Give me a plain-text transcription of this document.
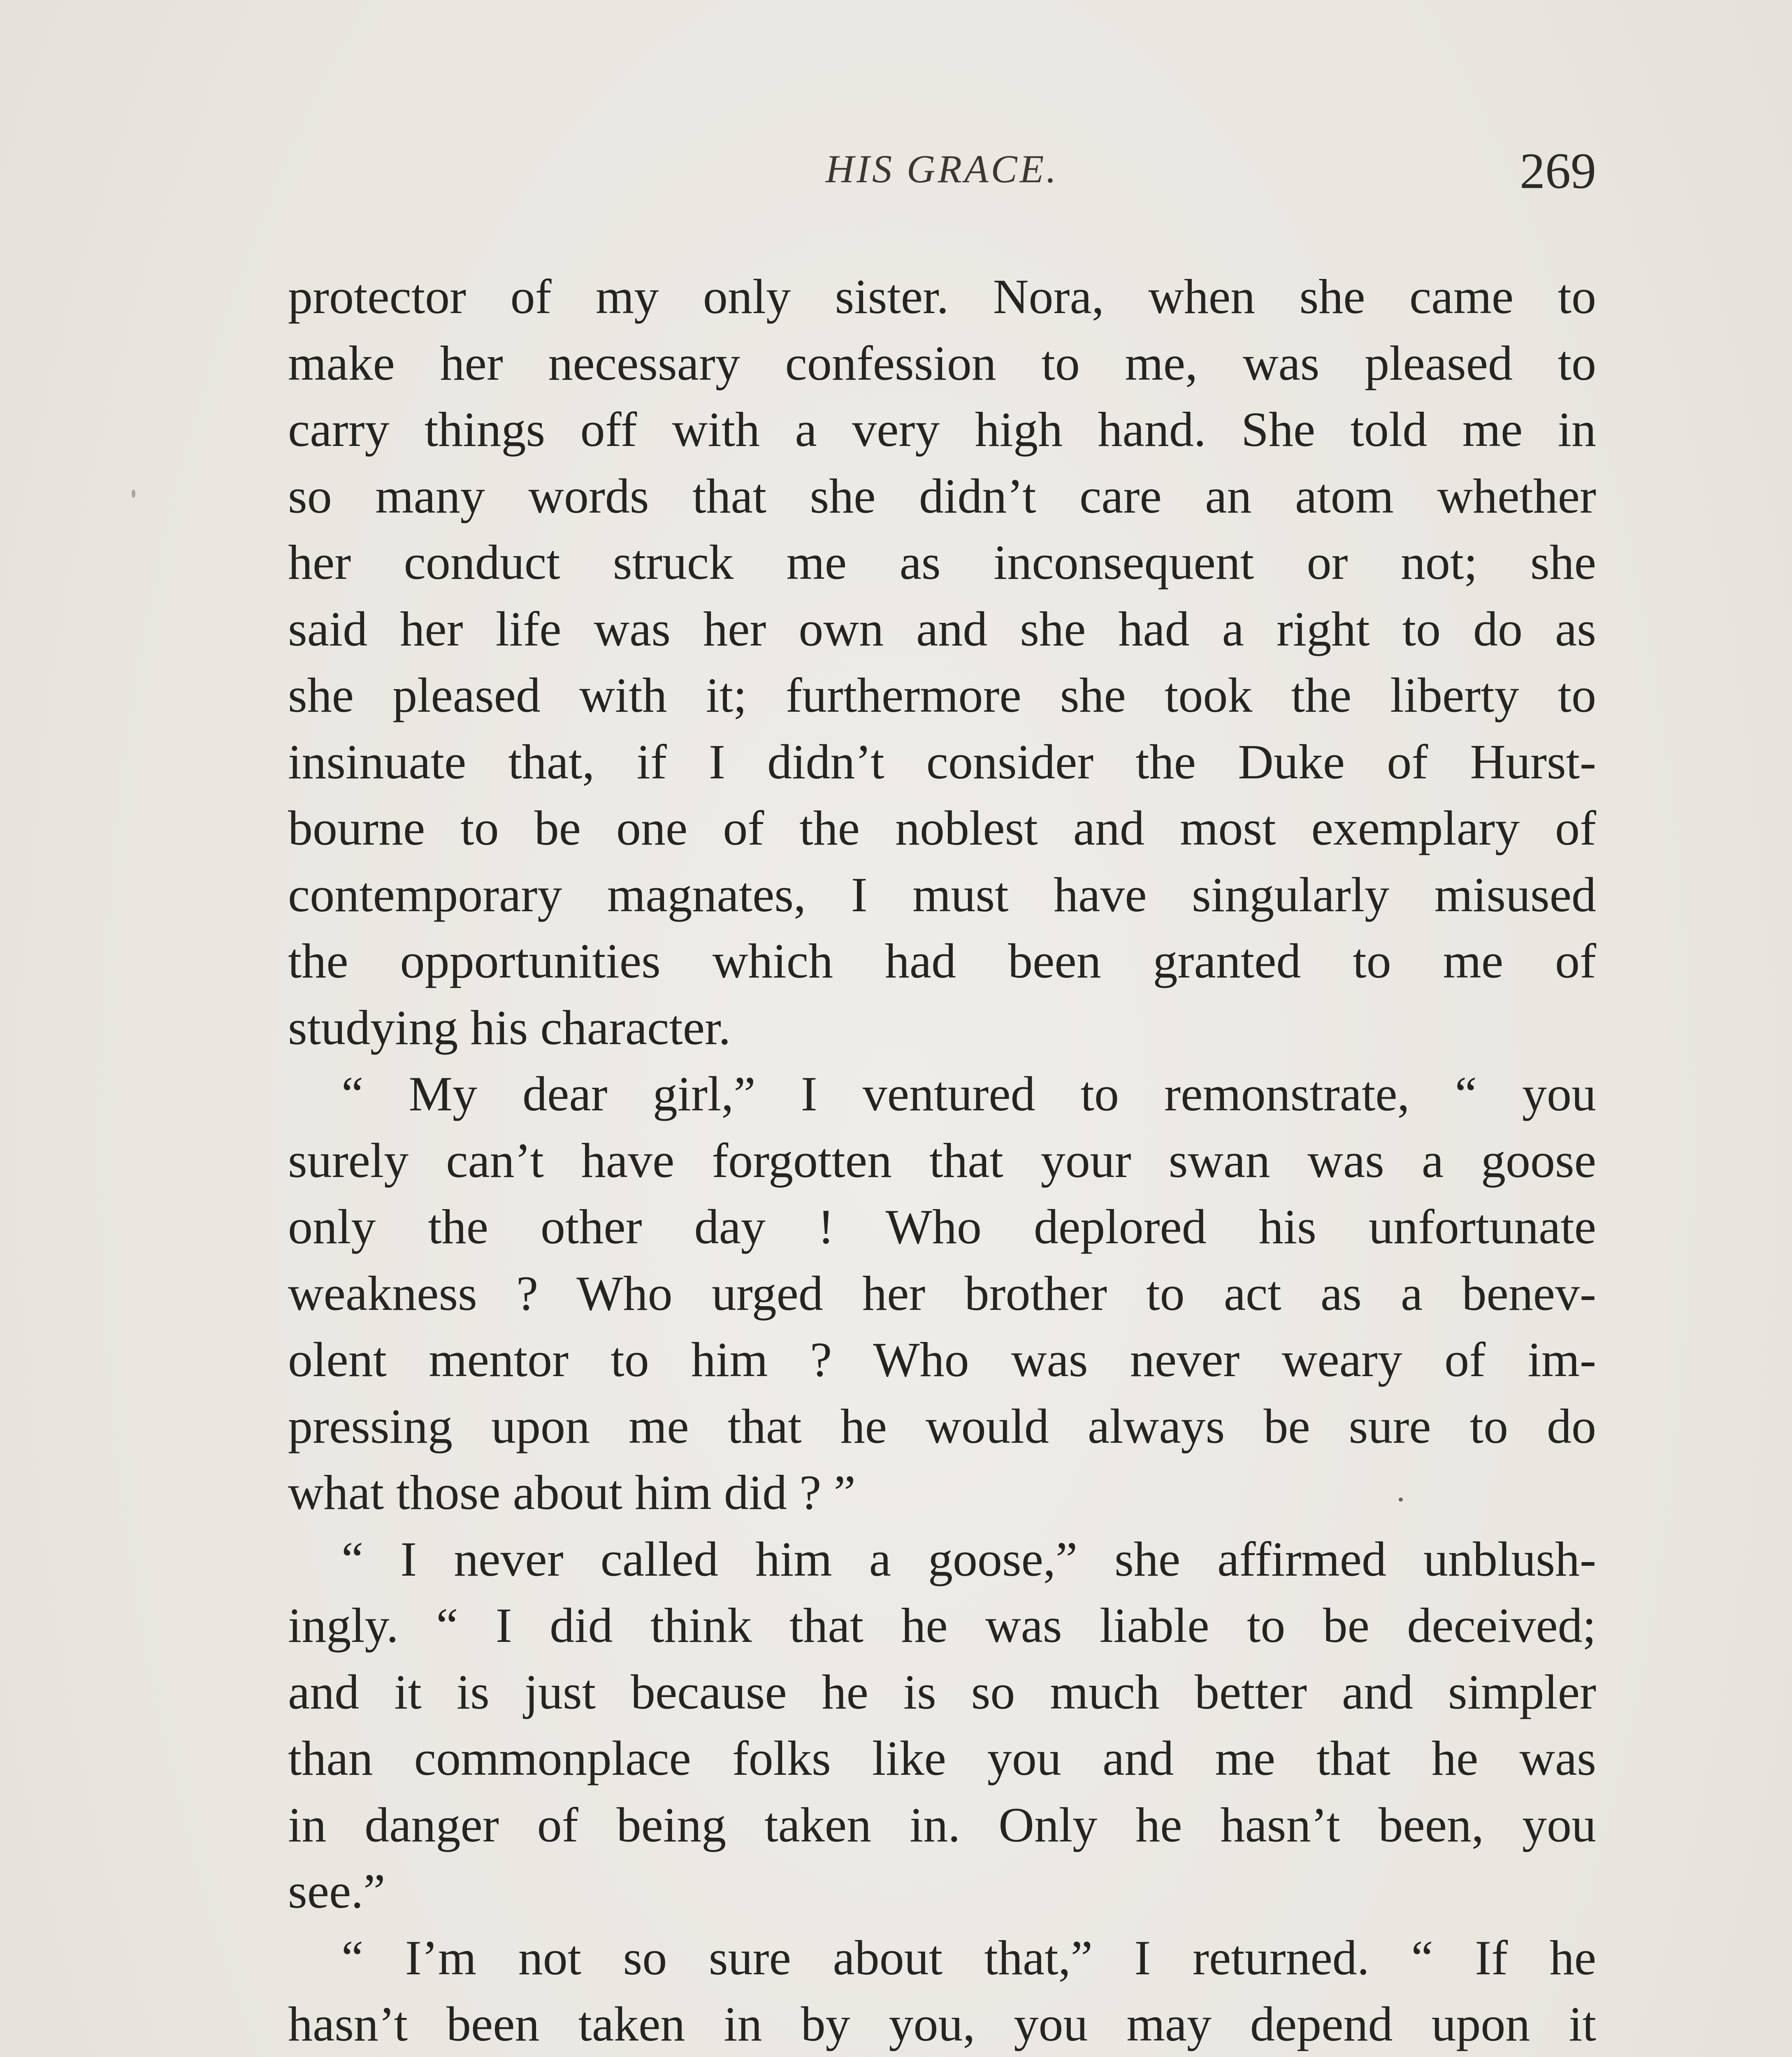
HIS GRACE.	269
protector of my only sister. Nora, when she came to
make her necessary confession to me, was pleased to
carry things off with a very high hand. She told me in
so many words that she didn’t care an atom whether
her conduct struck me as inconsequent or not; she
said her life was her own and she had a right to do as
she pleased with it; furthermore she took the liberty to
insinuate that, if I didn’t consider the Duke of Hurst-
bourne to be one of the noblest and most exemplary of
contemporary magnates, I must have singularly misused
the opportunities which had been granted to me of
studying his character.
“ My dear girl,” I ventured to remonstrate, “ you
surely can’t have forgotten that your swan was a goose
only the other day ! Who deplored his unfortunate
weakness ? Who urged her brother to act as a benev-
olent mentor to him ? Who was never weary of im-
pressing upon me that he would always be sure to do
what those about him did ? ”
“ I never called him a goose,” she affirmed unblush-
ingly. “ I did think that he was liable to be deceived;
and it is just because he is so much better and simpler
than commonplace folks like you and me that he was
in danger of being taken in. Only he hasn’t been, you
see.”
“ I’m not so sure about that,” I returned. “ If he
hasn’t been taken in by you, you may depend upon it
